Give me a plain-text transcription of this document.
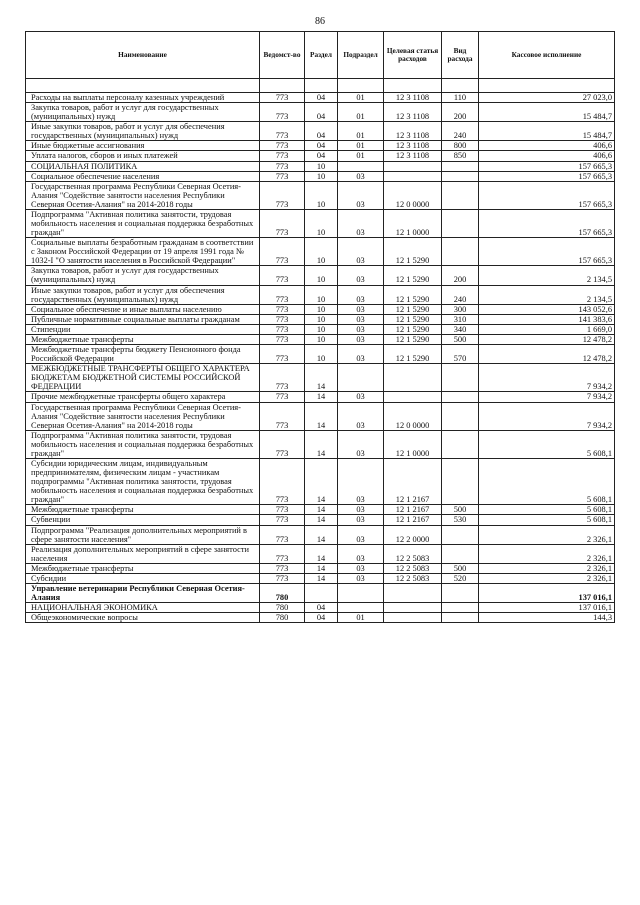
86
Наименование	Ведомст-во	Раздел	Подраздел	Целевая статья расходов	Вид расхода	Кассовое исполнение

Расходы на выплаты персоналу казенных учреждений	773	04	01	12 3 1108	110	27 023,0
Закупка товаров, работ и услуг для государственных (муниципальных) нужд	773	04	01	12 3 1108	200	15 484,7
Иные закупки товаров, работ и услуг для обеспечения государственных (муниципальных) нужд	773	04	01	12 3 1108	240	15 484,7
Иные бюджетные ассигнования	773	04	01	12 3 1108	800	406,6
Уплата налогов, сборов и иных платежей	773	04	01	12 3 1108	850	406,6
СОЦИАЛЬНАЯ ПОЛИТИКА	773	10				157 665,3
Социальное обеспечение населения	773	10	03			157 665,3
Государственная программа Республики Северная Осетия-Алания "Содействие занятости населения Республики Северная Осетия-Алания" на 2014-2018 годы	773	10	03	12 0 0000		157 665,3
Подпрограмма "Активная политика занятости, трудовая мобильность населения и социальная поддержка безработных граждан"	773	10	03	12 1 0000		157 665,3
Социальные выплаты безработным гражданам в соответствии с Законом Российской Федерации от 19 апреля 1991 года № 1032-I "О занятости населения в Российской Федерации"	773	10	03	12 1 5290		157 665,3
Закупка товаров, работ и услуг для государственных (муниципальных) нужд	773	10	03	12 1 5290	200	2 134,5
Иные закупки товаров, работ и услуг для обеспечения государственных (муниципальных) нужд	773	10	03	12 1 5290	240	2 134,5
Социальное обеспечение и иные выплаты населению	773	10	03	12 1 5290	300	143 052,6
Публичные нормативные социальные выплаты гражданам	773	10	03	12 1 5290	310	141 383,6
Стипендии	773	10	03	12 1 5290	340	1 669,0
Межбюджетные трансферты	773	10	03	12 1 5290	500	12 478,2
Межбюджетные трансферты бюджету Пенсионного фонда Российской Федерации	773	10	03	12 1 5290	570	12 478,2
МЕЖБЮДЖЕТНЫЕ ТРАНСФЕРТЫ ОБЩЕГО ХАРАКТЕРА БЮДЖЕТАМ БЮДЖЕТНОЙ СИСТЕМЫ РОССИЙСКОЙ ФЕДЕРАЦИИ	773	14				7 934,2
Прочие межбюджетные трансферты общего характера	773	14	03			7 934,2
Государственная программа Республики Северная Осетия-Алания "Содействие занятости населения Республики Северная Осетия-Алания" на 2014-2018 годы	773	14	03	12 0 0000		7 934,2
Подпрограмма "Активная политика занятости, трудовая мобильность населения и социальная поддержка безработных граждан"	773	14	03	12 1 0000		5 608,1
Субсидии юридическим лицам, индивидуальным предпринимателям, физическим лицам - участникам подпрограммы "Активная политика занятости, трудовая мобильность населения и социальная поддержка безработных граждан"	773	14	03	12 1 2167		5 608,1
Межбюджетные трансферты	773	14	03	12 1 2167	500	5 608,1
Субвенции	773	14	03	12 1 2167	530	5 608,1
Подпрограмма "Реализация дополнительных мероприятий в сфере занятости населения"	773	14	03	12 2 0000		2 326,1
Реализация дополнительных мероприятий в сфере занятости населения	773	14	03	12 2 5083		2 326,1
Межбюджетные трансферты	773	14	03	12 2 5083	500	2 326,1
Субсидии	773	14	03	12 2 5083	520	2 326,1
Управление ветеринарии Республики Северная Осетия-Алания	780					137 016,1
НАЦИОНАЛЬНАЯ ЭКОНОМИКА	780	04				137 016,1
Общеэкономические вопросы	780	04	01			144,3
